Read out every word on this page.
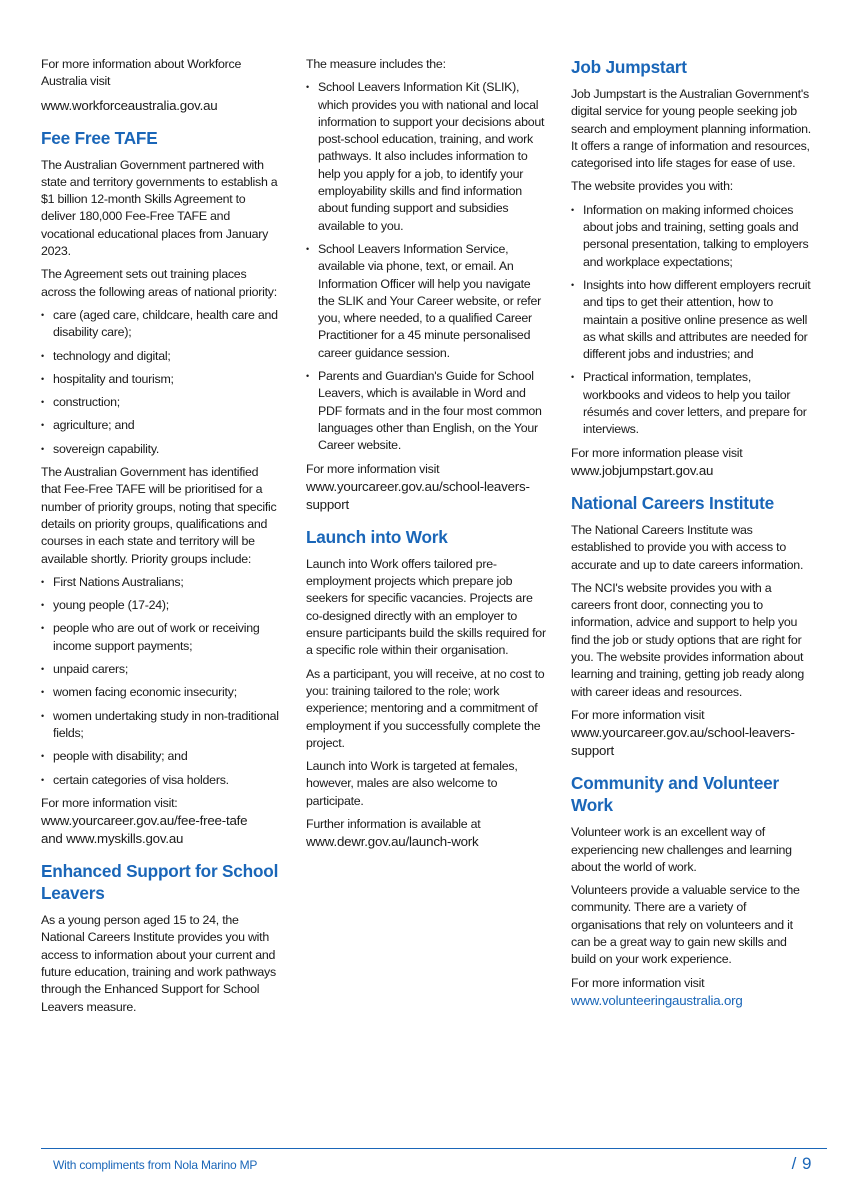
For more information about Workforce Australia visit

www.workforceaustralia.gov.au

Fee Free TAFE

The Australian Government partnered with state and territory governments to establish a $1 billion 12-month Skills Agreement to deliver 180,000 Fee-Free TAFE and vocational educational places from January 2023.

The Agreement sets out training places across the following areas of national priority:

• care (aged care, childcare, health care and disability care);
• technology and digital;
• hospitality and tourism;
• construction;
• agriculture; and
• sovereign capability.

The Australian Government has identified that Fee-Free TAFE will be prioritised for a number of priority groups, noting that specific details on priority groups, qualifications and courses in each state and territory will be available shortly. Priority groups include:

• First Nations Australians;
• young people (17-24);
• people who are out of work or receiving income support payments;
• unpaid carers;
• women facing economic insecurity;
• women undertaking study in non-traditional fields;
• people with disability; and
• certain categories of visa holders.

For more information visit:

www.yourcareer.gov.au/fee-free-tafe

and www.myskills.gov.au

Enhanced Support for School Leavers

As a young person aged 15 to 24, the National Careers Institute provides you with access to information about your current and future education, training and work pathways through the Enhanced Support for School Leavers measure.

The measure includes the:

• School Leavers Information Kit (SLIK), which provides you with national and local information to support your decisions about post-school education, training, and work pathways. It also includes information to help you apply for a job, to identify your employability skills and find information about funding support and subsidies available to you.
• School Leavers Information Service, available via phone, text, or email. An Information Officer will help you navigate the SLIK and Your Career website, or refer you, where needed, to a qualified Career Practitioner for a 45 minute personalised career guidance session.
• Parents and Guardian's Guide for School Leavers, which is available in Word and PDF formats and in the four most common languages other than English, on the Your Career website.

For more information visit

www.yourcareer.gov.au/school-leavers-support

Launch into Work

Launch into Work offers tailored pre-employment projects which prepare job seekers for specific vacancies. Projects are co-designed directly with an employer to ensure participants build the skills required for a specific role within their organisation.

As a participant, you will receive, at no cost to you: training tailored to the role; work experience; mentoring and a commitment of employment if you successfully complete the project.

Launch into Work is targeted at females, however, males are also welcome to participate.

Further information is available at

www.dewr.gov.au/launch-work

Job Jumpstart

Job Jumpstart is the Australian Government's digital service for young people seeking job search and employment planning information. It offers a range of information and resources, categorised into life stages for ease of use.

The website provides you with:

• Information on making informed choices about jobs and training, setting goals and personal presentation, talking to employers and workplace expectations;
• Insights into how different employers recruit and tips to get their attention, how to maintain a positive online presence as well as what skills and attributes are needed for different jobs and industries; and
• Practical information, templates, workbooks and videos to help you tailor résumés and cover letters, and prepare for interviews.

For more information please visit

www.jobjumpstart.gov.au

National Careers Institute

The National Careers Institute was established to provide you with access to accurate and up to date careers information.

The NCI's website provides you with a careers front door, connecting you to information, advice and support to help you find the job or study options that are right for you. The website provides information about learning and training, getting job ready along with career ideas and resources.

For more information visit

www.yourcareer.gov.au/school-leavers-support

Community and Volunteer Work

Volunteer work is an excellent way of experiencing new challenges and learning about the world of work.

Volunteers provide a valuable service to the community. There are a variety of organisations that rely on volunteers and it can be a great way to gain new skills and build on your work experience.

For more information visit

www.volunteeringaustralia.org

With compliments from Nola Marino MP	/ 9
